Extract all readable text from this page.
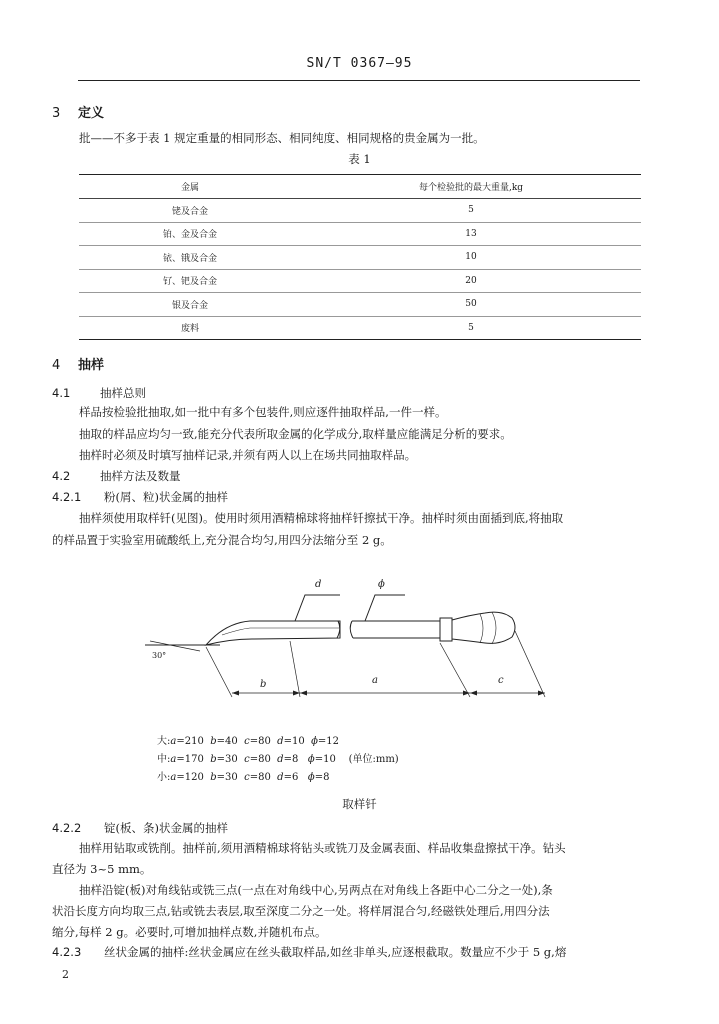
SN/T 0367—95
3 定义
批——不多于表 1 规定重量的相同形态、相同纯度、相同规格的贵金属为一批。
表 1
金属	每个检验批的最大重量,kg
铑及合金	5
铂、金及合金	13
铱、锇及合金	10
钌、钯及合金	20
银及合金	50
废料	5
4 抽样
4.1	抽样总则
样品按检验批抽取,如一批中有多个包装件,则应逐件抽取样品,一件一样。
抽取的样品应均匀一致,能充分代表所取金属的化学成分,取样量应能满足分析的要求。
抽样时必须及时填写抽样记录,并须有两人以上在场共同抽取样品。
4.2	抽样方法及数量
4.2.1 粉(屑、粒)状金属的抽样
抽样须使用取样钎(见图)。使用时须用酒精棉球将抽样钎擦拭干净。抽样时须由面插到底,将抽取
的样品置于实验室用硫酸纸上,充分混合均匀,用四分法缩分至 2 g。
d	ϕ
30°
b	a	c
大:a=210 b=40 c=80 d=10 ϕ=12
中:a=170 b=30 c=80 d=8 ϕ=10 (单位:mm)
小:a=120 b=30 c=80 d=6 ϕ=8
取样钎
4.2.2 锭(板、条)状金属的抽样
抽样用钻取或铣削。抽样前,须用酒精棉球将钻头或铣刀及金属表面、样品收集盘擦拭干净。钻头
直径为 3~5 mm。
抽样沿锭(板)对角线钻或铣三点(一点在对角线中心,另两点在对角线上各距中心二分之一处),条
状沿长度方向均取三点,钻或铣去表层,取至深度二分之一处。将样屑混合匀,经磁铁处理后,用四分法
缩分,每样 2 g。必要时,可增加抽样点数,并随机布点。
4.2.3 丝状金属的抽样:丝状金属应在丝头截取样品,如丝非单头,应逐根截取。数量应不少于 5 g,熔
2
